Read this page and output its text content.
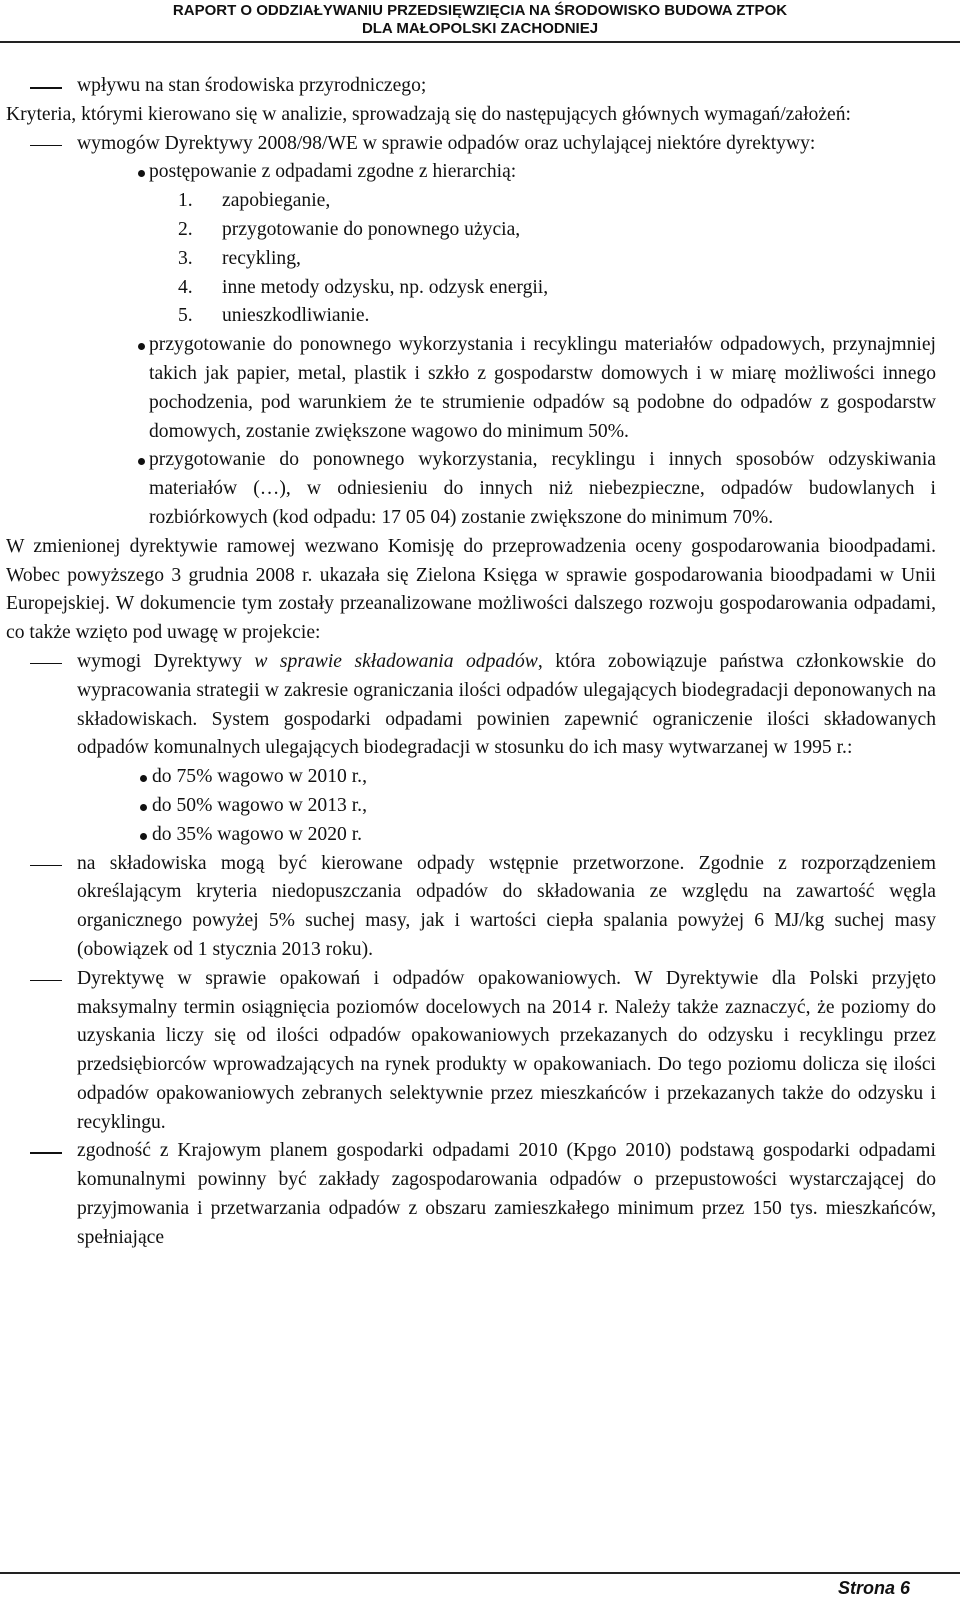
RAPORT O ODDZIAŁYWANIU PRZEDSIĘWZIĘCIA NA ŚRODOWISKO BUDOWA ZTPOK
DLA MAŁOPOLSKI ZACHODNIEJ

wpływu na stan środowiska przyrodniczego;

Kryteria, którymi kierowano się w analizie, sprowadzają się do następujących głównych wymagań/założeń:

wymogów Dyrektywy 2008/98/WE w sprawie odpadów oraz uchylającej niektóre dyrektywy:

postępowanie z odpadami zgodne z hierarchią:

1. zapobieganie,
2. przygotowanie do ponownego użycia,
3. recykling,
4. inne metody odzysku, np. odzysk energii,
5. unieszkodliwianie.

przygotowanie do ponownego wykorzystania i recyklingu materiałów odpadowych, przynajmniej takich jak papier, metal, plastik i szkło z gospodarstw domowych i w miarę możliwości innego pochodzenia, pod warunkiem że te strumienie odpadów są podobne do odpadów z gospodarstw domowych, zostanie zwiększone wagowo do minimum 50%.

przygotowanie do ponownego wykorzystania, recyklingu i innych sposobów odzyskiwania materiałów (…), w odniesieniu do innych niż niebezpieczne, odpadów budowlanych i rozbiórkowych (kod odpadu: 17 05 04) zostanie zwiększone do minimum 70%.

W zmienionej dyrektywie ramowej wezwano Komisję do przeprowadzenia oceny gospodarowania bioodpadami. Wobec powyższego 3 grudnia 2008 r. ukazała się Zielona Księga w sprawie gospodarowania bioodpadami w Unii Europejskiej. W dokumencie tym zostały przeanalizowane możliwości dalszego rozwoju gospodarowania odpadami, co także wzięto pod uwagę w projekcie:

wymogi Dyrektywy w sprawie składowania odpadów, która zobowiązuje państwa członkowskie do wypracowania strategii w zakresie ograniczania ilości odpadów ulegających biodegradacji deponowanych na składowiskach. System gospodarki odpadami powinien zapewnić ograniczenie ilości składowanych odpadów komunalnych ulegających biodegradacji w stosunku do ich masy wytwarzanej w 1995 r.:

do 75% wagowo w 2010 r.,

do 50% wagowo w 2013 r.,

do 35% wagowo w 2020 r.

na składowiska mogą być kierowane odpady wstępnie przetworzone. Zgodnie z rozporządzeniem określającym kryteria niedopuszczania odpadów do składowania ze względu na zawartość węgla organicznego powyżej 5% suchej masy, jak i wartości ciepła spalania powyżej 6 MJ/kg suchej masy (obowiązek od 1 stycznia 2013 roku).

Dyrektywę w sprawie opakowań i odpadów opakowaniowych. W Dyrektywie dla Polski przyjęto maksymalny termin osiągnięcia poziomów docelowych na 2014 r. Należy także zaznaczyć, że poziomy do uzyskania liczy się od ilości odpadów opakowaniowych przekazanych do odzysku i recyklingu przez przedsiębiorców wprowadzających na rynek produkty w opakowaniach. Do tego poziomu dolicza się ilości odpadów opakowaniowych zebranych selektywnie przez mieszkańców i przekazanych także do odzysku i recyklingu.

zgodność z Krajowym planem gospodarki odpadami 2010 (Kpgo 2010) podstawą gospodarki odpadami komunalnymi powinny być zakłady zagospodarowania odpadów o przepustowości wystarczającej do przyjmowania i przetwarzania odpadów z obszaru zamieszkałego minimum przez 150 tys. mieszkańców, spełniające

Strona 6
